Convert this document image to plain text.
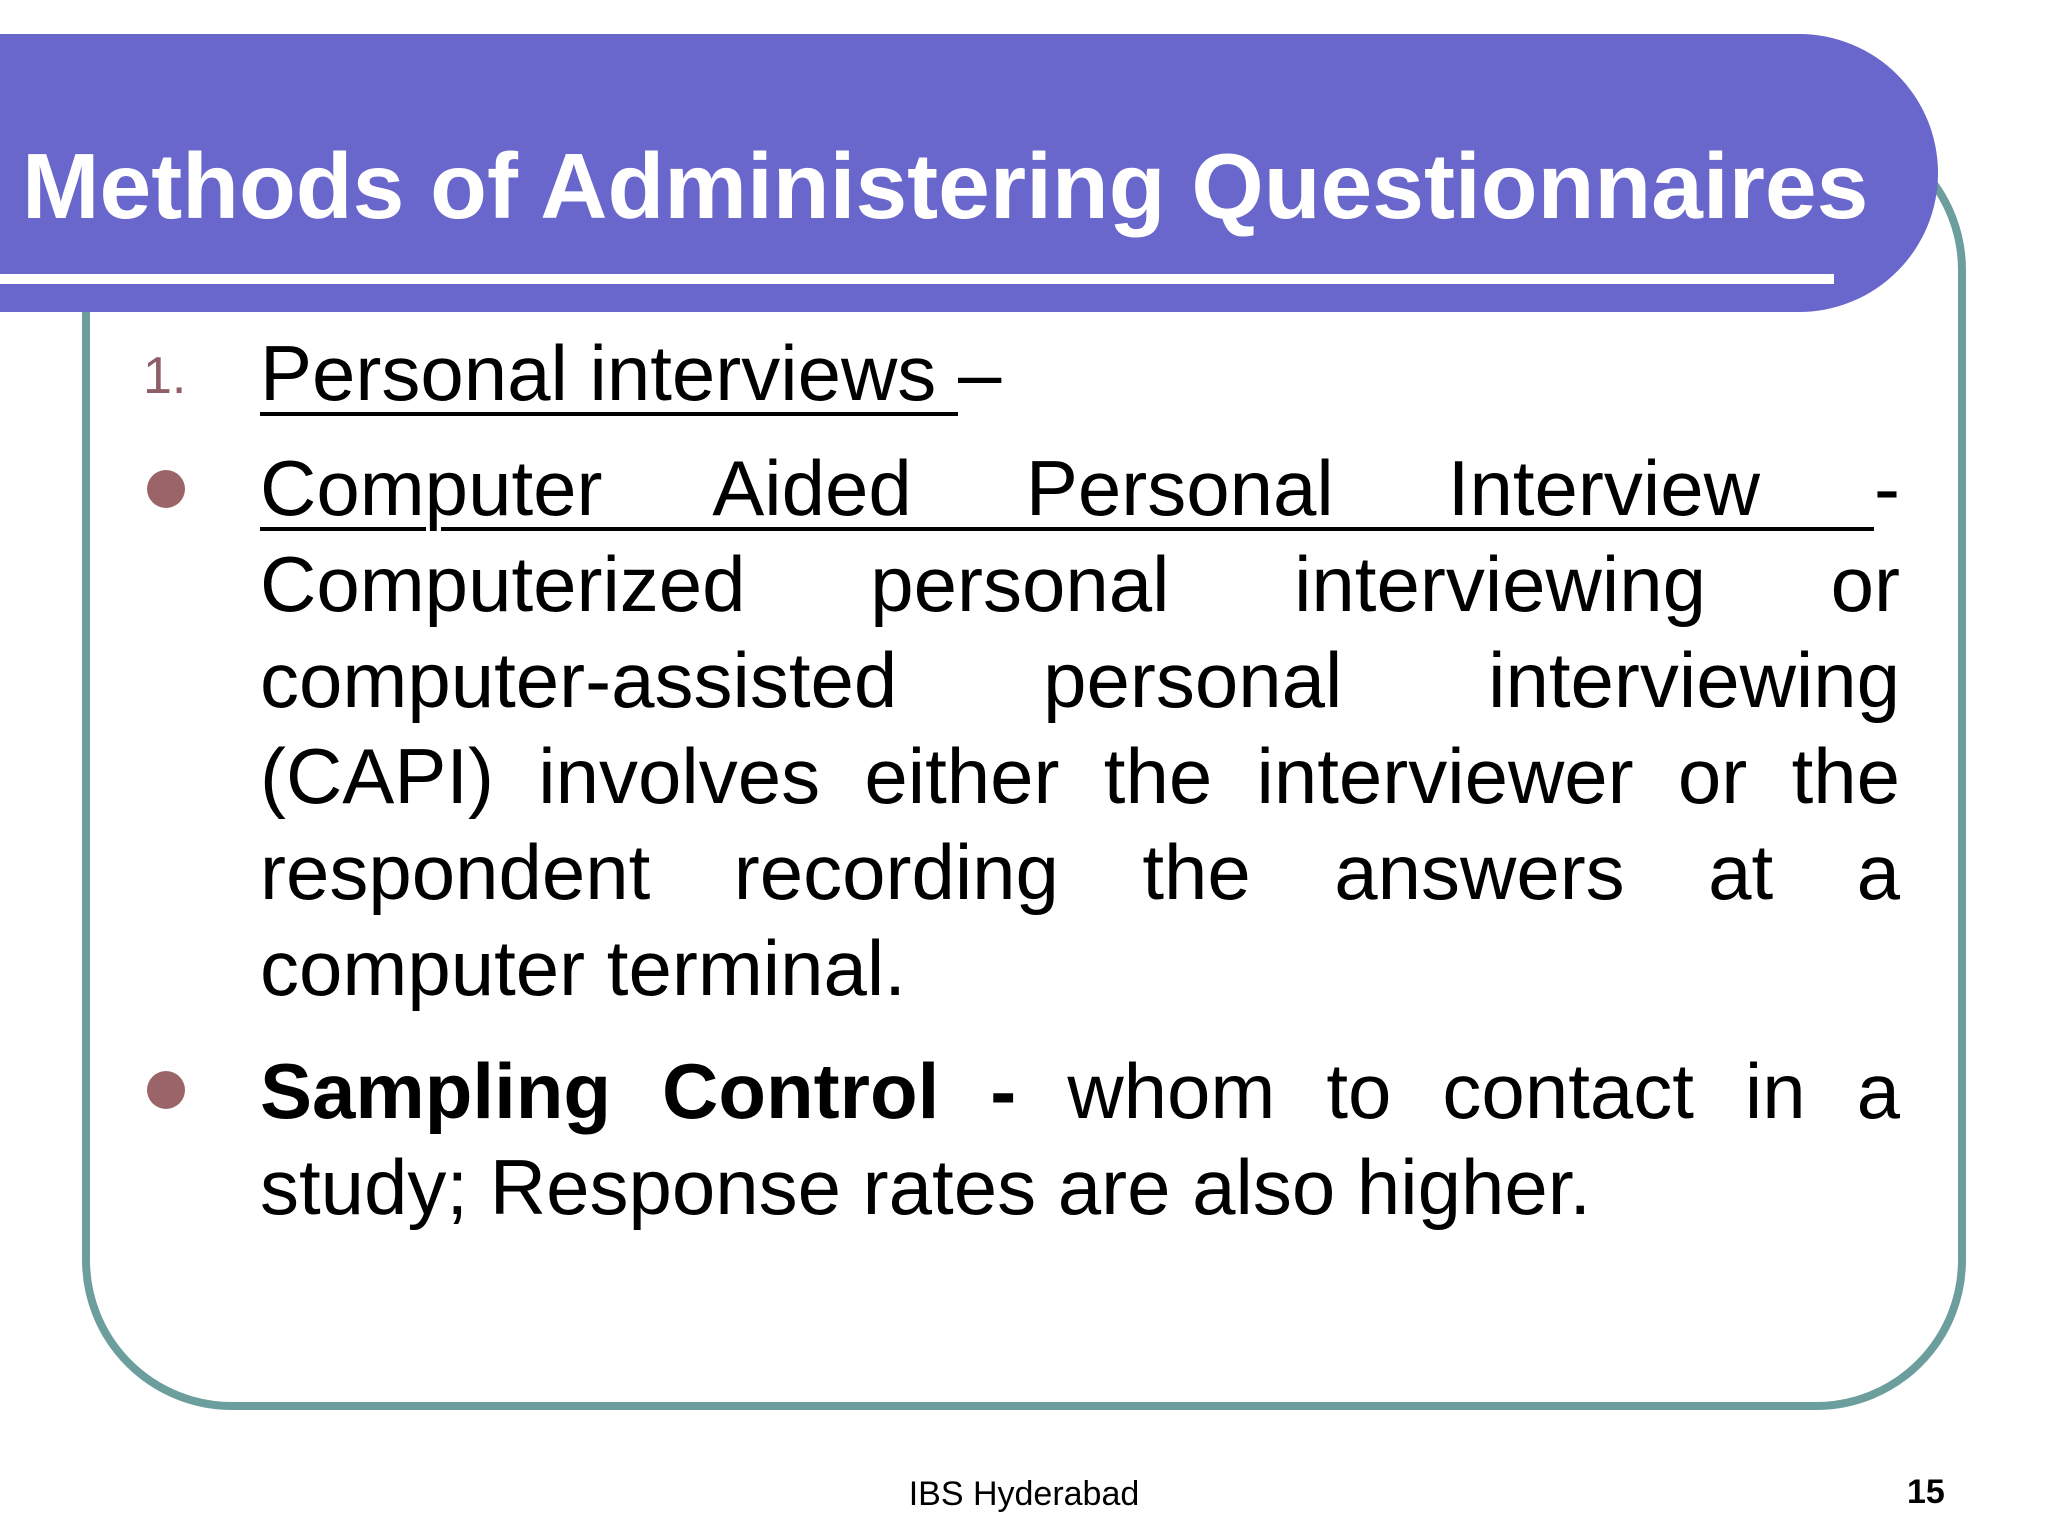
Methods of Administering Questionnaires
1. Personal interviews –
Computer Aided Personal Interview - Computerized personal interviewing or computer-assisted personal interviewing (CAPI) involves either the interviewer or the respondent recording the answers at a computer terminal.
Sampling Control - whom to contact in a study; Response rates are also higher.
IBS Hyderabad	15
